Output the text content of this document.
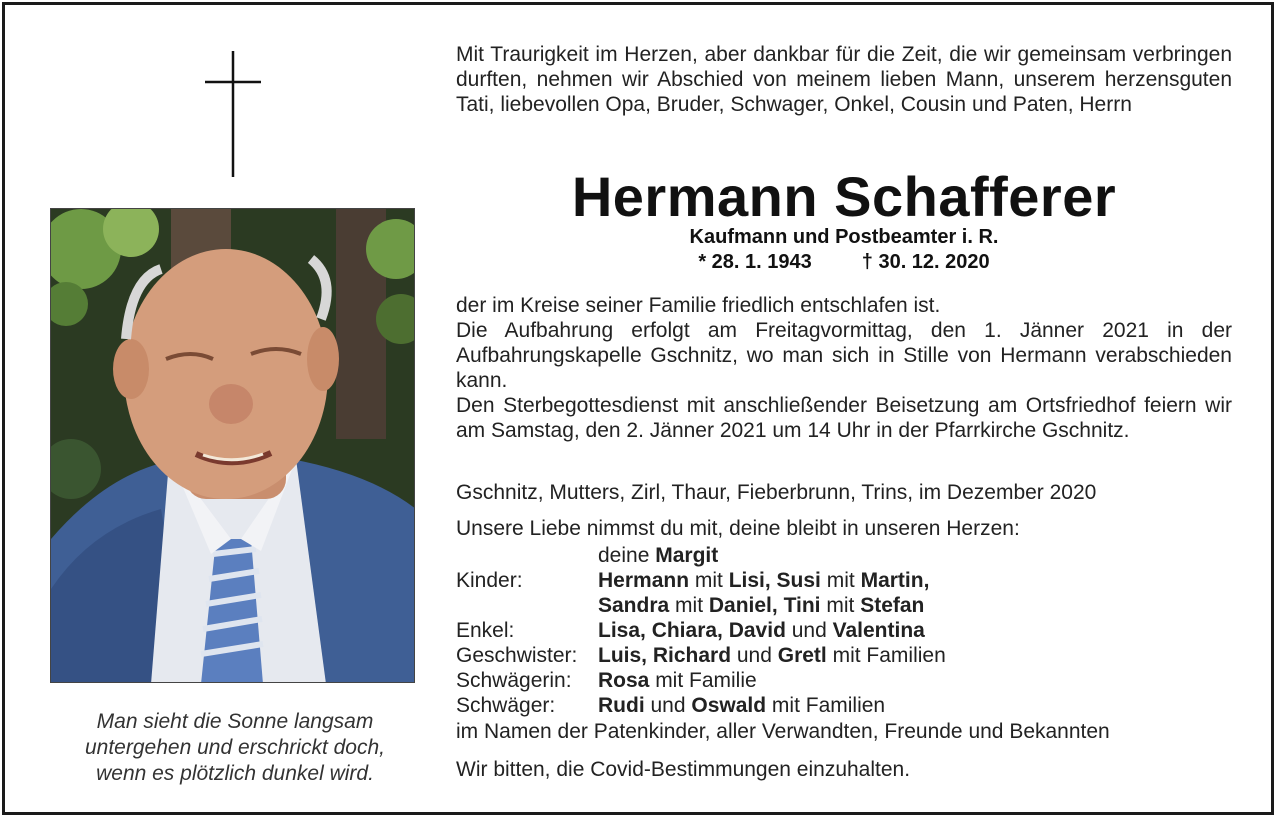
Man sieht die Sonne langsam
untergehen und erschrickt doch,
wenn es plötzlich dunkel wird.
Mit Traurigkeit im Herzen, aber dankbar für die Zeit, die wir gemeinsam verbringen durften, nehmen wir Abschied von meinem lieben Mann, unserem herzensguten Tati, liebevollen Opa, Bruder, Schwager, Onkel, Cousin und Paten, Herrn
Hermann Schafferer
Kaufmann und Postbeamter i. R.
* 28. 1. 1943	† 30. 12. 2020
der im Kreise seiner Familie friedlich entschlafen ist.
Die Aufbahrung erfolgt am Freitagvormittag, den 1. Jänner 2021 in der Aufbahrungskapelle Gschnitz, wo man sich in Stille von Hermann verabschieden kann.
Den Sterbegottesdienst mit anschließender Beisetzung am Ortsfriedhof feiern wir am Samstag, den 2. Jänner 2021 um 14 Uhr in der Pfarrkirche Gschnitz.
Gschnitz, Mutters, Zirl, Thaur, Fieberbrunn, Trins, im Dezember 2020
Unsere Liebe nimmst du mit, deine bleibt in unseren Herzen:
deine Margit
Kinder:	Hermann mit Lisi, Susi mit Martin,
Sandra mit Daniel, Tini mit Stefan
Enkel:	Lisa, Chiara, David und Valentina
Geschwister: Luis, Richard und Gretl mit Familien
Schwägerin:	Rosa mit Familie
Schwäger:	Rudi und Oswald mit Familien
im Namen der Patenkinder, aller Verwandten, Freunde und Bekannten
Wir bitten, die Covid-Bestimmungen einzuhalten.
